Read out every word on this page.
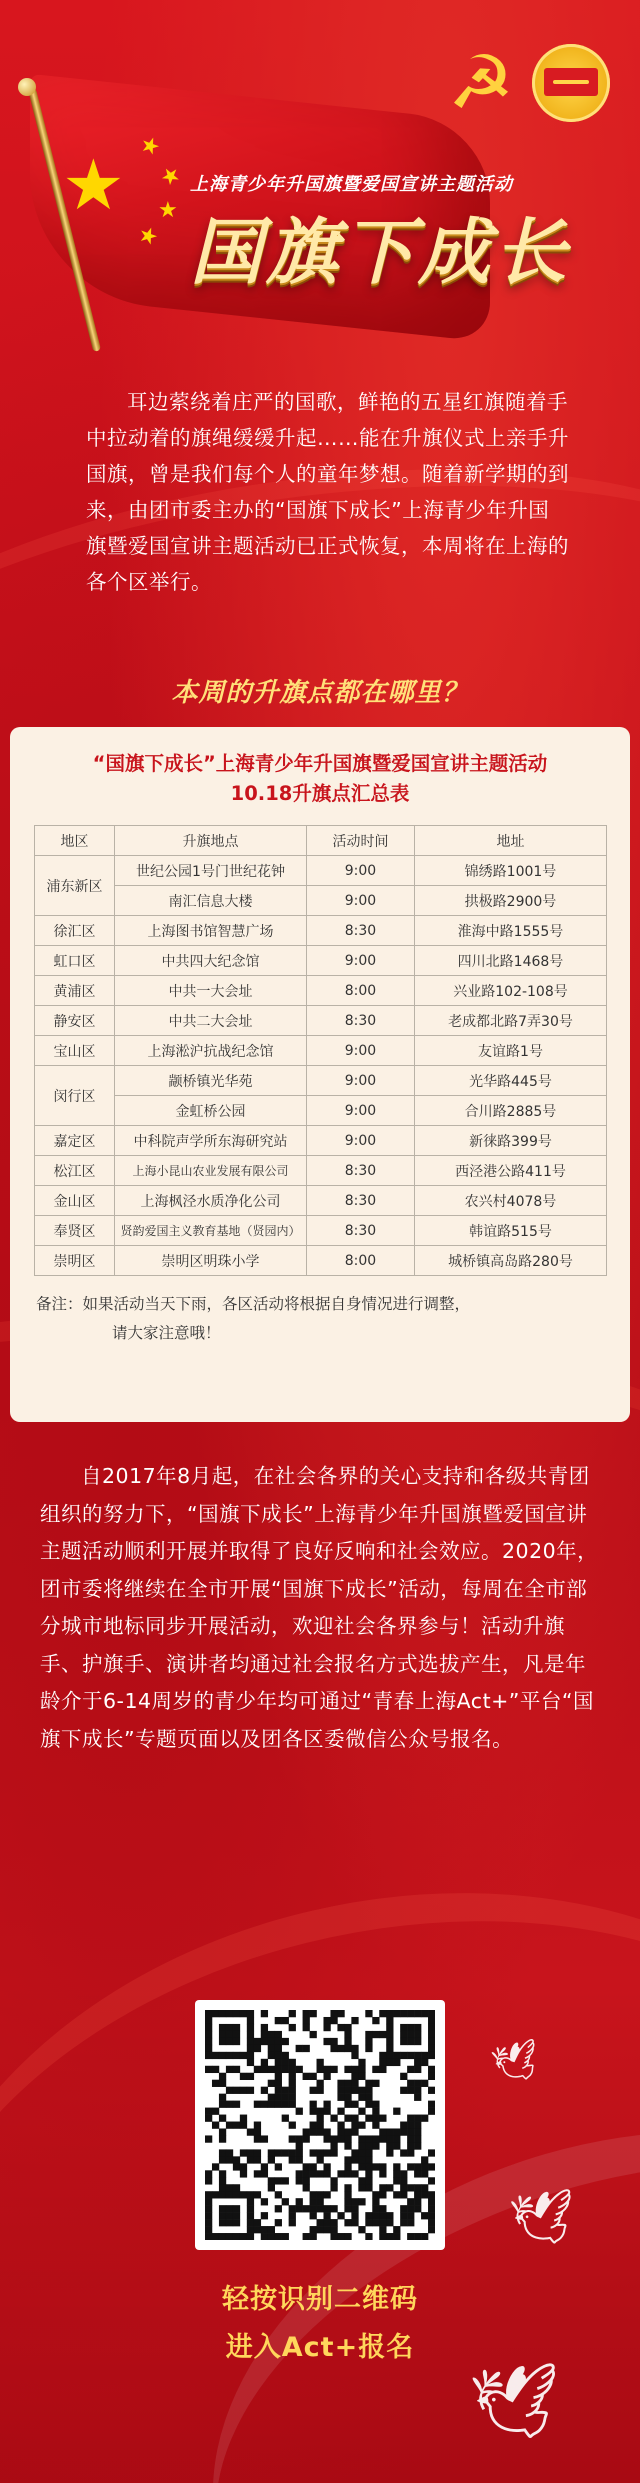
★ ★
★
★
★
☭
上海青少年升国旗暨爱国宣讲主题活动
国旗下成长

耳边萦绕着庄严的国歌，鲜艳的五星红旗随着手中拉动着的旗绳缓缓升起……能在升旗仪式上亲手升国旗，曾是我们每个人的童年梦想。随着新学期的到来，由团市委主办的“国旗下成长”上海青少年升国旗暨爱国宣讲主题活动已正式恢复，本周将在上海的各个区举行。

本周的升旗点都在哪里？

“国旗下成长”上海青少年升国旗暨爱国宣讲主题活动
10.18升旗点汇总表

地区	升旗地点	活动时间	地址
浦东新区	世纪公园1号门世纪花钟	9:00	锦绣路1001号
	南汇信息大楼	9:00	拱极路2900号
徐汇区	上海图书馆智慧广场	8:30	淮海中路1555号
虹口区	中共四大纪念馆	9:00	四川北路1468号
黄浦区	中共一大会址	8:00	兴业路102-108号
静安区	中共二大会址	8:30	老成都北路7弄30号
宝山区	上海淞沪抗战纪念馆	9:00	友谊路1号
闵行区	颛桥镇光华苑	9:00	光华路445号
	金虹桥公园	9:00	合川路2885号
嘉定区	中科院声学所东海研究站	9:00	新徕路399号
松江区	上海小昆山农业发展有限公司	8:30	西泾港公路411号
金山区	上海枫泾水质净化公司	8:30	农兴村4078号
奉贤区	贤韵爱国主义教育基地（贤园内）	8:30	韩谊路515号
崇明区	崇明区明珠小学	8:00	城桥镇高岛路280号
备注：如果活动当天下雨，各区活动将根据自身情况进行调整，
请大家注意哦！

自2017年8月起，在社会各界的关心支持和各级共青团组织的努力下，“国旗下成长”上海青少年升国旗暨爱国宣讲主题活动顺利开展并取得了良好反响和社会效应。2020年，团市委将继续在全市开展“国旗下成长”活动，每周在全市部分城市地标同步开展活动，欢迎社会各界参与！活动升旗手、护旗手、演讲者均通过社会报名方式选拔产生，凡是年龄介于6-14周岁的青少年均可通过“青春上海Act+”平台“国旗下成长”专题页面以及团各区委微信公众号报名。

🕊
🕊
🕊
轻按识别二维码
进入Act+报名
